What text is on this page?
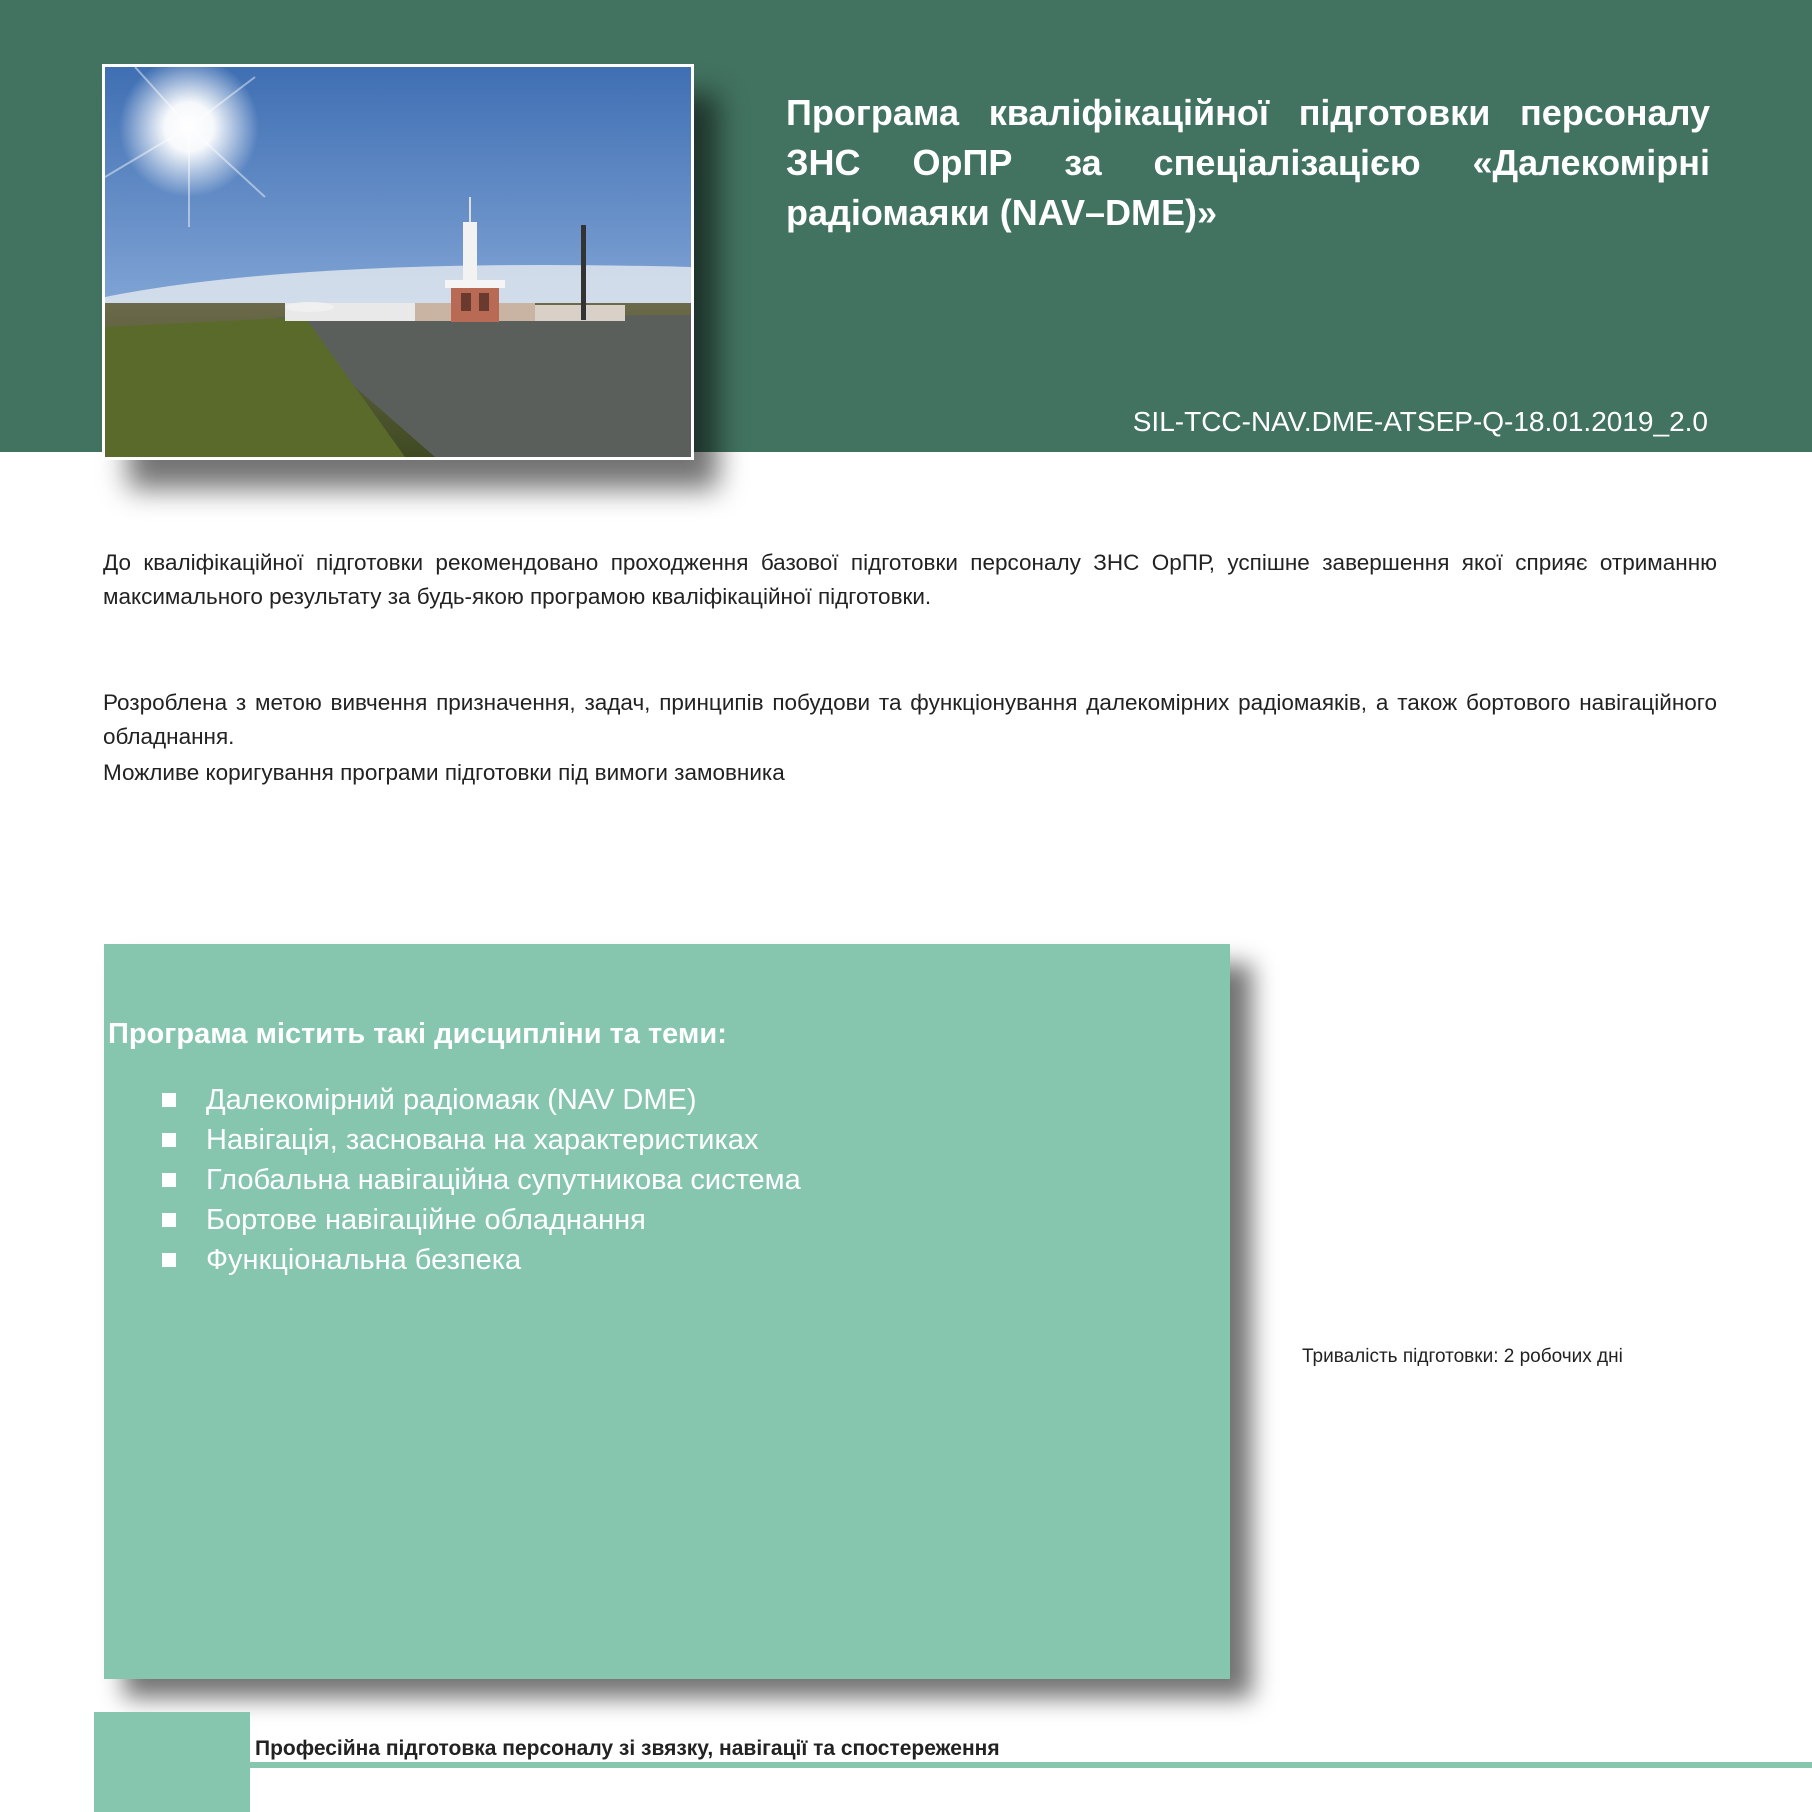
Програма кваліфікаційної підготовки персоналу ЗНС ОрПР за спеціалізацією «Далекомірні радіомаяки (NAV–DME)»
SIL-TCC-NAV.DME-ATSEP-Q-18.01.2019_2.0

До кваліфікаційної підготовки рекомендовано проходження базової підготовки персоналу ЗНС ОрПР, успішне завершення якої сприяє отриманню максимального результату за будь-якою програмою кваліфікаційної підготовки.

Розроблена з метою вивчення призначення, задач, принципів побудови та функціонування далекомірних радіомаяків, а також бортового навігаційного обладнання.

Можливе коригування програми підготовки під вимоги замовника

Програма містить такі дисципліни та теми:
Далекомірний радіомаяк (NAV DME)
Навігація, заснована на характеристиках
Глобальна навігаційна супутникова система
Бортове навігаційне обладнання
Функціональна безпека
Тривалість підготовки: 2 робочих дні
Професійна підготовка персоналу зі звязку, навігації та спостереження
